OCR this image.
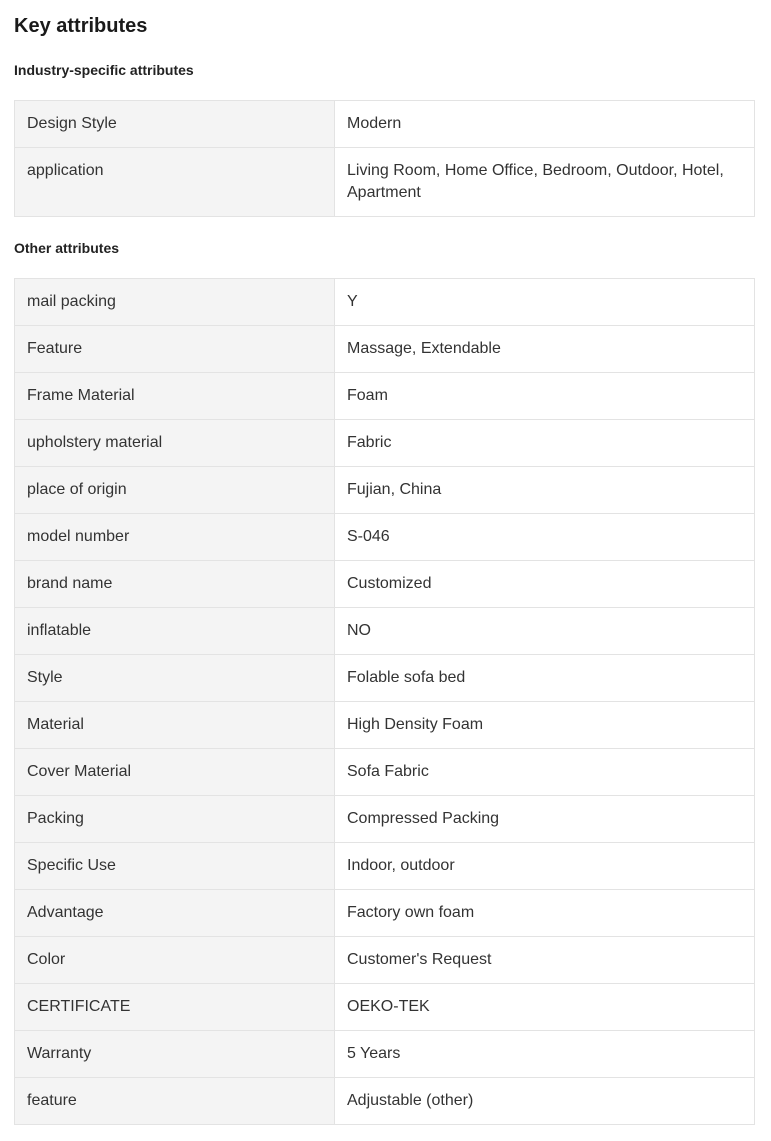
Key attributes
Industry-specific attributes
Design Style	Modern
application	Living Room, Home Office, Bedroom, Outdoor, Hotel, Apartment
Other attributes
mail packing	Y
Feature	Massage, Extendable
Frame Material	Foam
upholstery material	Fabric
place of origin	Fujian, China
model number	S-046
brand name	Customized
inflatable	NO
Style	Folable sofa bed
Material	High Density Foam
Cover Material	Sofa Fabric
Packing	Compressed Packing
Specific Use	Indoor, outdoor
Advantage	Factory own foam
Color	Customer's Request
CERTIFICATE	OEKO-TEK
Warranty	5 Years
feature	Adjustable (other)
